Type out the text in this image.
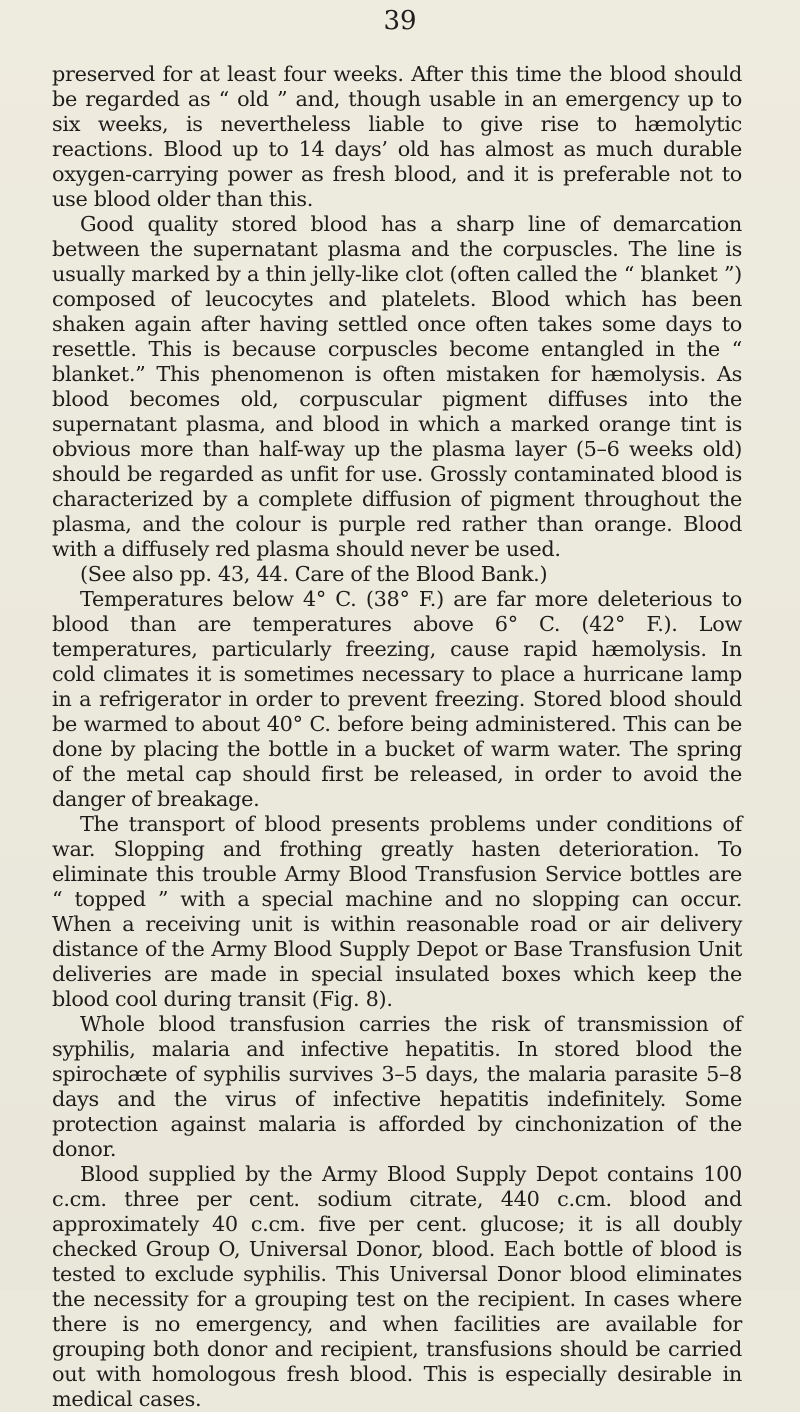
39

preserved for at least four weeks. After this time the blood should be regarded as “ old ” and, though usable in an emergency up to six weeks, is nevertheless liable to give rise to hæmolytic reactions. Blood up to 14 days’ old has almost as much durable oxygen-carrying power as fresh blood, and it is preferable not to use blood older than this.

Good quality stored blood has a sharp line of demarcation between the supernatant plasma and the corpuscles. The line is usually marked by a thin jelly-like clot (often called the “ blanket ”) composed of leucocytes and platelets. Blood which has been shaken again after having settled once often takes some days to resettle. This is because corpuscles become entangled in the “ blanket.” This phenomenon is often mistaken for hæmolysis. As blood becomes old, corpuscular pigment diffuses into the supernatant plasma, and blood in which a marked orange tint is obvious more than half-way up the plasma layer (5–6 weeks old) should be regarded as unfit for use. Grossly contaminated blood is characterized by a complete diffusion of pigment throughout the plasma, and the colour is purple red rather than orange. Blood with a diffusely red plasma should never be used.

(See also pp. 43, 44. Care of the Blood Bank.)

Temperatures below 4° C. (38° F.) are far more deleterious to blood than are temperatures above 6° C. (42° F.). Low temperatures, particularly freezing, cause rapid hæmolysis. In cold climates it is sometimes necessary to place a hurricane lamp in a refrigerator in order to prevent freezing. Stored blood should be warmed to about 40° C. before being administered. This can be done by placing the bottle in a bucket of warm water. The spring of the metal cap should first be released, in order to avoid the danger of breakage.

The transport of blood presents problems under conditions of war. Slopping and frothing greatly hasten deterioration. To eliminate this trouble Army Blood Transfusion Service bottles are “ topped ” with a special machine and no slopping can occur. When a receiving unit is within reasonable road or air delivery distance of the Army Blood Supply Depot or Base Transfusion Unit deliveries are made in special insulated boxes which keep the blood cool during transit (Fig. 8).

Whole blood transfusion carries the risk of transmission of syphilis, malaria and infective hepatitis. In stored blood the spirochæte of syphilis survives 3–5 days, the malaria parasite 5–8 days and the virus of infective hepatitis indefinitely. Some protection against malaria is afforded by cinchonization of the donor.

Blood supplied by the Army Blood Supply Depot contains 100 c.cm. three per cent. sodium citrate, 440 c.cm. blood and approximately 40 c.cm. five per cent. glucose; it is all doubly checked Group O, Universal Donor, blood. Each bottle of blood is tested to exclude syphilis. This Universal Donor blood eliminates the necessity for a grouping test on the recipient. In cases where there is no emergency, and when facilities are available for grouping both donor and recipient, transfusions should be carried out with homologous fresh blood. This is especially desirable in medical cases.
